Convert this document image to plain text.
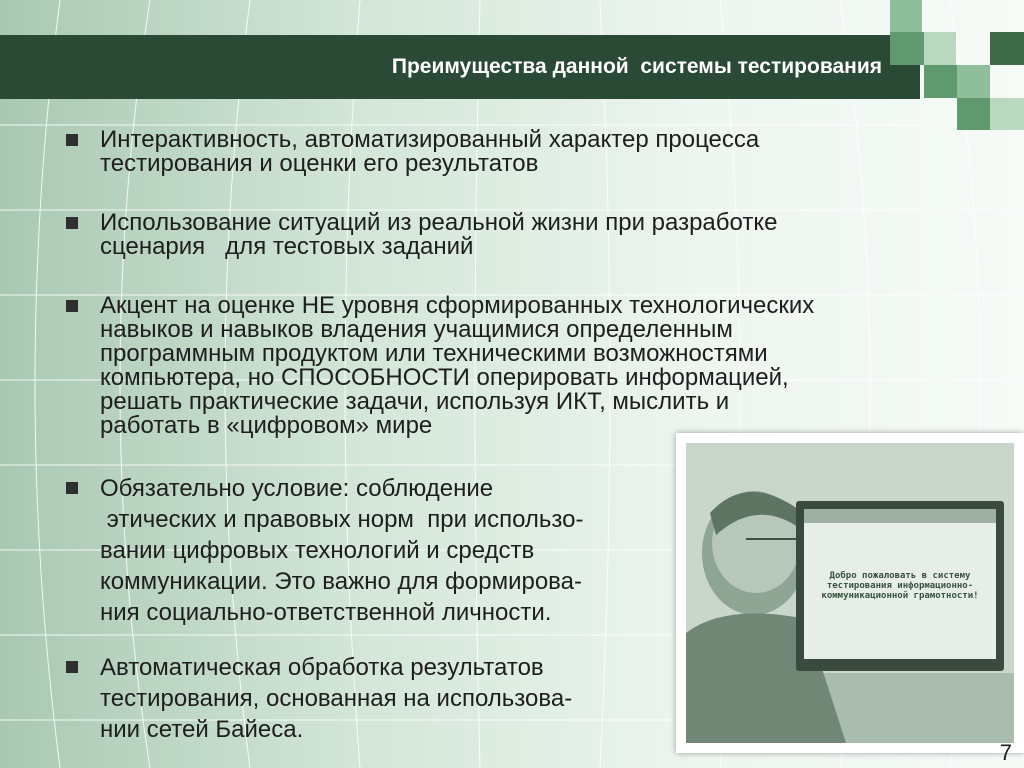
Преимущества данной  системы тестирования
Интерактивность, автоматизированный характер процесса
тестирования и оценки его результатов
Использование ситуаций из реальной жизни при разработке
сценария   для тестовых заданий
Акцент на оценке НЕ уровня сформированных технологических
навыков и навыков владения учащимися определенным
программным продуктом или техническими возможностями
компьютера, но СПОСОБНОСТИ оперировать информацией,
решать практические задачи, используя ИКТ, мыслить и
работать в «цифровом» мире
Обязательно условие: соблюдение
этических и правовых норм  при использо-
вании цифровых технологий и средств
коммуникации. Это важно для формирова-
ния социально-ответственной личности.
Автоматическая обработка результатов
тестирования, основанная на использова-
нии сетей Байеса.
Добро пожаловать в систему тестирования информационно-коммуникационной грамотности!
7
